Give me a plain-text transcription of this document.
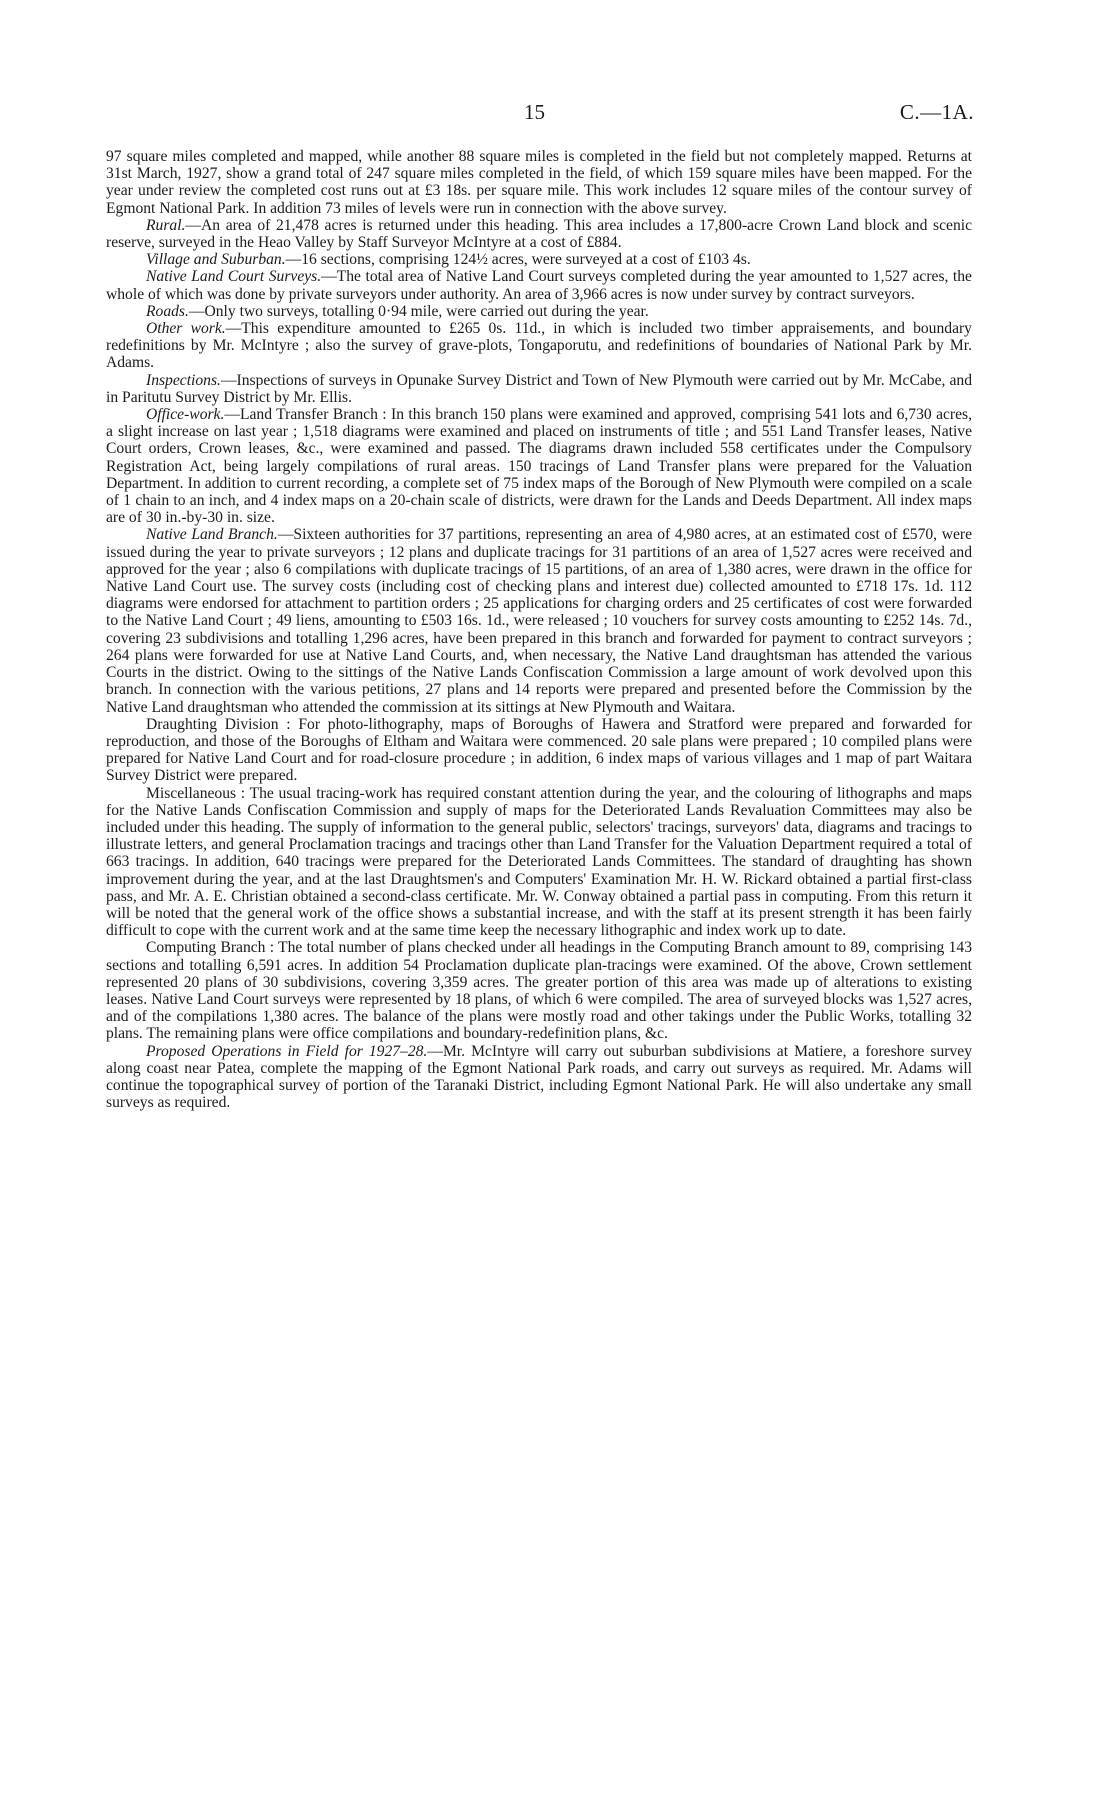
15	C.—1A.

97 square miles completed and mapped, while another 88 square miles is completed in the field but not completely mapped. Returns at 31st March, 1927, show a grand total of 247 square miles completed in the field, of which 159 square miles have been mapped. For the year under review the completed cost runs out at £3 18s. per square mile. This work includes 12 square miles of the contour survey of Egmont National Park. In addition 73 miles of levels were run in connection with the above survey.

Rural.—An area of 21,478 acres is returned under this heading. This area includes a 17,800-acre Crown Land block and scenic reserve, surveyed in the Heao Valley by Staff Surveyor McIntyre at a cost of £884.

Village and Suburban.—16 sections, comprising 124½ acres, were surveyed at a cost of £103 4s.

Native Land Court Surveys.—The total area of Native Land Court surveys completed during the year amounted to 1,527 acres, the whole of which was done by private surveyors under authority. An area of 3,966 acres is now under survey by contract surveyors.

Roads.—Only two surveys, totalling 0·94 mile, were carried out during the year.

Other work.—This expenditure amounted to £265 0s. 11d., in which is included two timber appraisements, and boundary redefinitions by Mr. McIntyre ; also the survey of grave-plots, Tongaporutu, and redefinitions of boundaries of National Park by Mr. Adams.

Inspections.—Inspections of surveys in Opunake Survey District and Town of New Plymouth were carried out by Mr. McCabe, and in Paritutu Survey District by Mr. Ellis.

Office-work.—Land Transfer Branch : In this branch 150 plans were examined and approved, comprising 541 lots and 6,730 acres, a slight increase on last year ; 1,518 diagrams were examined and placed on instruments of title ; and 551 Land Transfer leases, Native Court orders, Crown leases, &c., were examined and passed. The diagrams drawn included 558 certificates under the Compulsory Registration Act, being largely compilations of rural areas. 150 tracings of Land Transfer plans were prepared for the Valuation Department. In addition to current recording, a complete set of 75 index maps of the Borough of New Plymouth were compiled on a scale of 1 chain to an inch, and 4 index maps on a 20-chain scale of districts, were drawn for the Lands and Deeds Department. All index maps are of 30 in.-by-30 in. size.

Native Land Branch.—Sixteen authorities for 37 partitions, representing an area of 4,980 acres, at an estimated cost of £570, were issued during the year to private surveyors ; 12 plans and duplicate tracings for 31 partitions of an area of 1,527 acres were received and approved for the year ; also 6 compilations with duplicate tracings of 15 partitions, of an area of 1,380 acres, were drawn in the office for Native Land Court use. The survey costs (including cost of checking plans and interest due) collected amounted to £718 17s. 1d. 112 diagrams were endorsed for attachment to partition orders ; 25 applications for charging orders and 25 certificates of cost were forwarded to the Native Land Court ; 49 liens, amounting to £503 16s. 1d., were released ; 10 vouchers for survey costs amounting to £252 14s. 7d., covering 23 subdivisions and totalling 1,296 acres, have been prepared in this branch and forwarded for payment to contract surveyors ; 264 plans were forwarded for use at Native Land Courts, and, when necessary, the Native Land draughtsman has attended the various Courts in the district. Owing to the sittings of the Native Lands Confiscation Commission a large amount of work devolved upon this branch. In connection with the various petitions, 27 plans and 14 reports were prepared and presented before the Commission by the Native Land draughtsman who attended the commission at its sittings at New Plymouth and Waitara.

Draughting Division : For photo-lithography, maps of Boroughs of Hawera and Stratford were prepared and forwarded for reproduction, and those of the Boroughs of Eltham and Waitara were commenced. 20 sale plans were prepared ; 10 compiled plans were prepared for Native Land Court and for road-closure procedure ; in addition, 6 index maps of various villages and 1 map of part Waitara Survey District were prepared.

Miscellaneous : The usual tracing-work has required constant attention during the year, and the colouring of lithographs and maps for the Native Lands Confiscation Commission and supply of maps for the Deteriorated Lands Revaluation Committees may also be included under this heading. The supply of information to the general public, selectors' tracings, surveyors' data, diagrams and tracings to illustrate letters, and general Proclamation tracings and tracings other than Land Transfer for the Valuation Department required a total of 663 tracings. In addition, 640 tracings were prepared for the Deteriorated Lands Committees. The standard of draughting has shown improvement during the year, and at the last Draughtsmen's and Computers' Examination Mr. H. W. Rickard obtained a partial first-class pass, and Mr. A. E. Christian obtained a second-class certificate. Mr. W. Conway obtained a partial pass in computing. From this return it will be noted that the general work of the office shows a substantial increase, and with the staff at its present strength it has been fairly difficult to cope with the current work and at the same time keep the necessary lithographic and index work up to date.

Computing Branch : The total number of plans checked under all headings in the Computing Branch amount to 89, comprising 143 sections and totalling 6,591 acres. In addition 54 Proclamation duplicate plan-tracings were examined. Of the above, Crown settlement represented 20 plans of 30 subdivisions, covering 3,359 acres. The greater portion of this area was made up of alterations to existing leases. Native Land Court surveys were represented by 18 plans, of which 6 were compiled. The area of surveyed blocks was 1,527 acres, and of the compilations 1,380 acres. The balance of the plans were mostly road and other takings under the Public Works, totalling 32 plans. The remaining plans were office compilations and boundary-redefinition plans, &c.

Proposed Operations in Field for 1927–28.—Mr. McIntyre will carry out suburban subdivisions at Matiere, a foreshore survey along coast near Patea, complete the mapping of the Egmont National Park roads, and carry out surveys as required. Mr. Adams will continue the topographical survey of portion of the Taranaki District, including Egmont National Park. He will also undertake any small surveys as required.
